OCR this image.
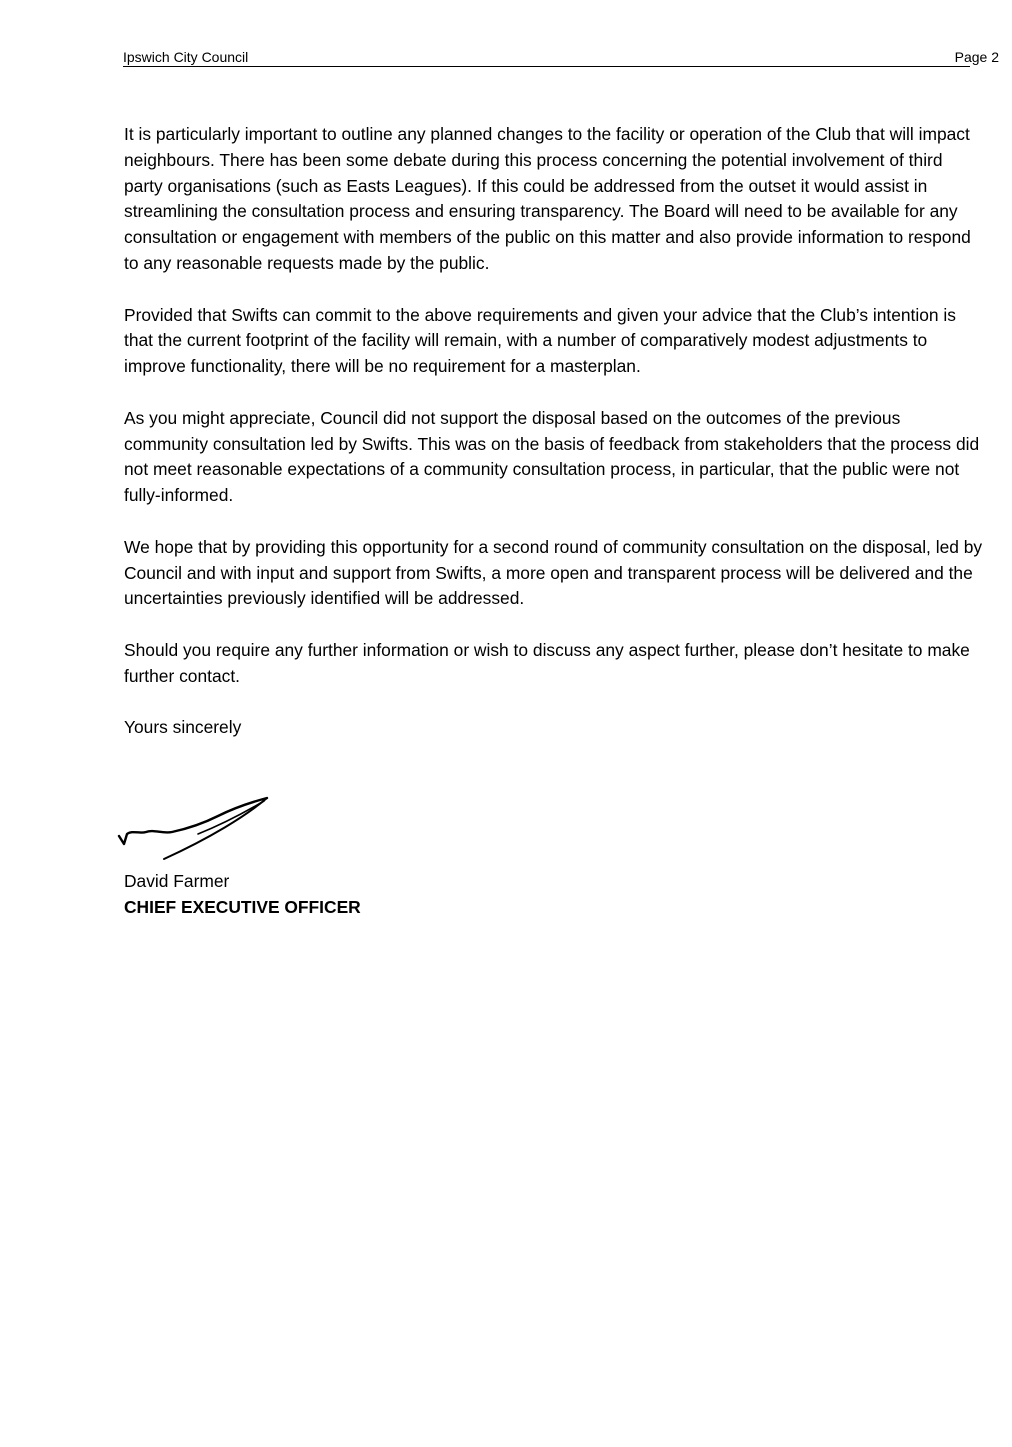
Ipswich City Council	Page 2

It is particularly important to outline any planned changes to the facility or operation of the Club that will impact neighbours. There has been some debate during this process concerning the potential involvement of third party organisations (such as Easts Leagues). If this could be addressed from the outset it would assist in streamlining the consultation process and ensuring transparency. The Board will need to be available for any consultation or engagement with members of the public on this matter and also provide information to respond to any reasonable requests made by the public.

Provided that Swifts can commit to the above requirements and given your advice that the Club’s intention is that the current footprint of the facility will remain, with a number of comparatively modest adjustments to improve functionality, there will be no requirement for a masterplan.

As you might appreciate, Council did not support the disposal based on the outcomes of the previous community consultation led by Swifts. This was on the basis of feedback from stakeholders that the process did not meet reasonable expectations of a community consultation process, in particular, that the public were not fully-informed.

We hope that by providing this opportunity for a second round of community consultation on the disposal, led by Council and with input and support from Swifts, a more open and transparent process will be delivered and the uncertainties previously identified will be addressed.

Should you require any further information or wish to discuss any aspect further, please don’t hesitate to make further contact.

Yours sincerely

David Farmer
CHIEF EXECUTIVE OFFICER
